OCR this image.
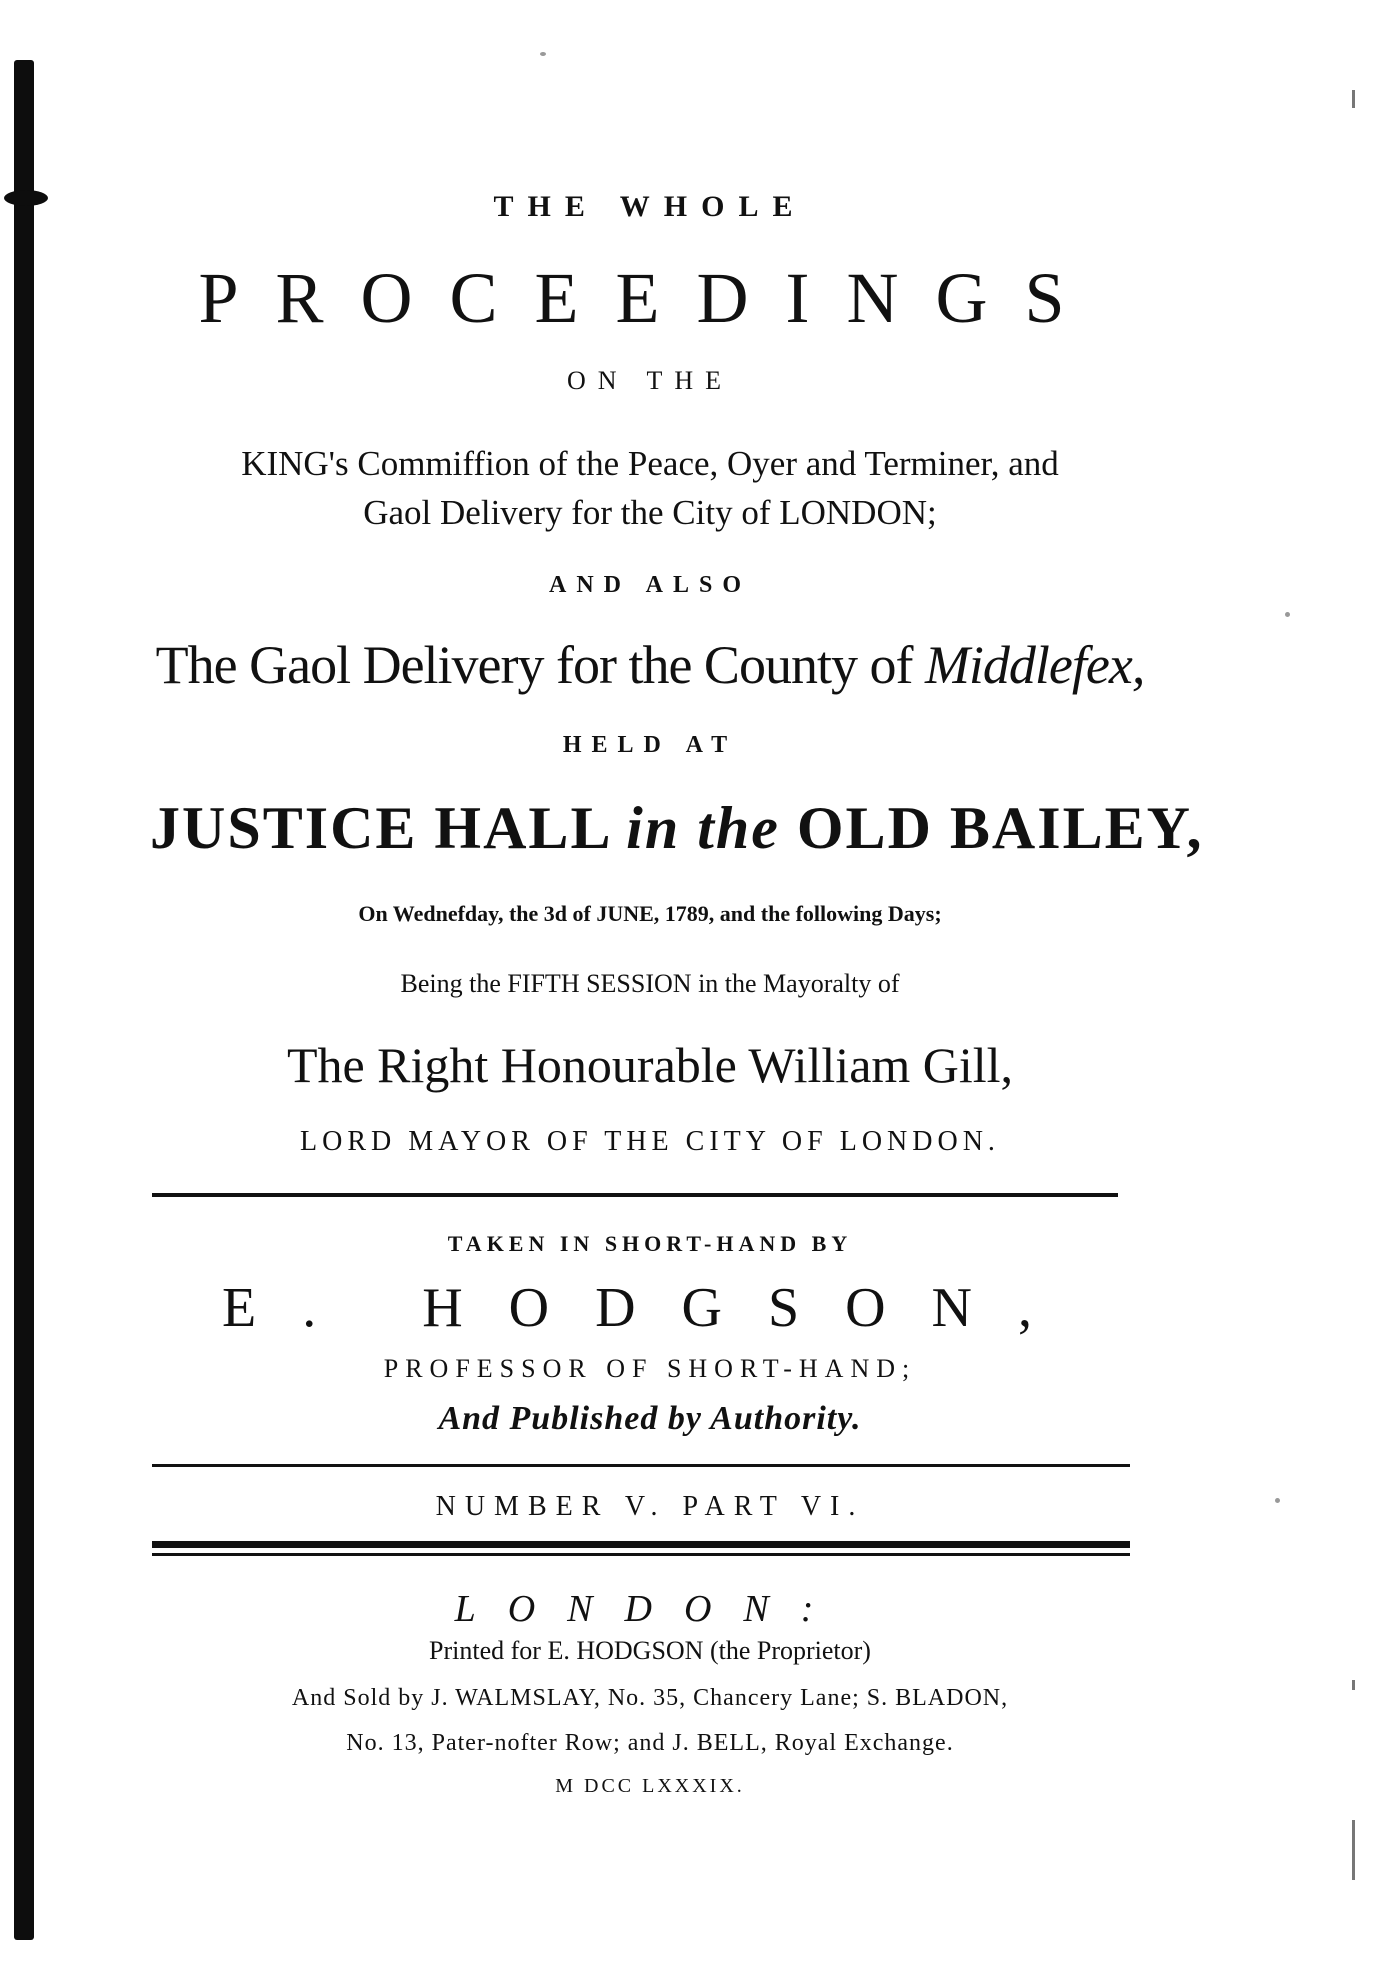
THE WHOLE
PROCEEDINGS
ON THE
KING's Commiffion of the Peace, Oyer and Terminer, and
Gaol Delivery for the City of LONDON;
AND ALSO
The Gaol Delivery for the County of Middlefex,
HELD AT
JUSTICE HALL in the OLD BAILEY,
On Wednefday, the 3d of JUNE, 1789, and the following Days;
Being the FIFTH SESSION in the Mayoralty of
The Right Honourable William Gill,
LORD MAYOR OF THE CITY OF LONDON.
TAKEN IN SHORT-HAND BY
E. HODGSON,
PROFESSOR OF SHORT-HAND;
And Published by Authority.
NUMBER V. PART VI.
LONDON:
Printed for E. HODGSON (the Proprietor)
And Sold by J. WALMSLAY, No. 35, Chancery Lane; S. BLADON,
No. 13, Pater-nofter Row; and J. BELL, Royal Exchange.
M DCC LXXXIX.
